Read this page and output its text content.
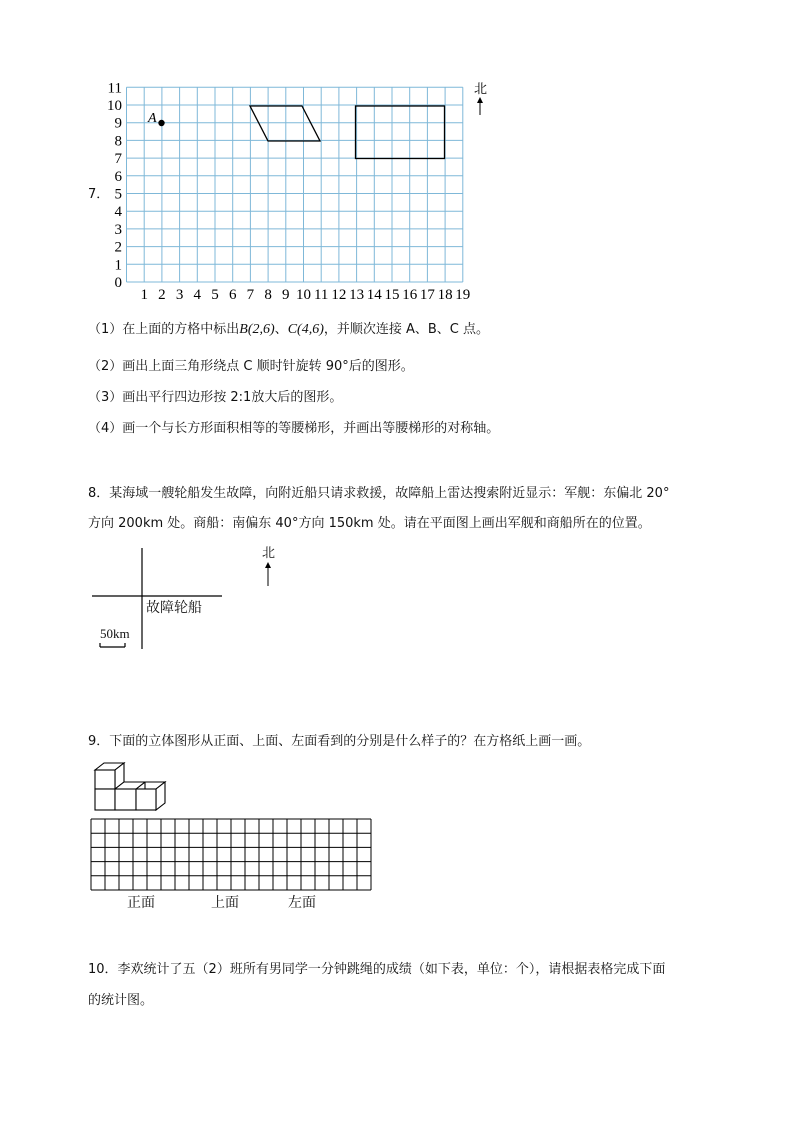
7．
A
北
0
1
2
3
4
5
6
7
8
9
10
11
1 2 3 4 5 6 7 8 9 10 11 12 13 14 15 16 17 18 19
（1）在上面的方格中标出B(2,6)、C(4,6)，并顺次连接 A、B、C 点。
（2）画出上面三角形绕点 C 顺时针旋转 90°后的图形。
（3）画出平行四边形按 2:1放大后的图形。
（4）画一个与长方形面积相等的等腰梯形，并画出等腰梯形的对称轴。
8．某海域一艘轮船发生故障，向附近船只请求救援，故障船上雷达搜索附近显示：军舰：东偏北 20°
方向 200km 处。商船：南偏东 40°方向 150km 处。请在平面图上画出军舰和商船所在的位置。
北
故障轮船
50km
9．下面的立体图形从正面、上面、左面看到的分别是什么样子的？在方格纸上画一画。
正面	上面	左面
10．李欢统计了五（2）班所有男同学一分钟跳绳的成绩（如下表，单位：个），请根据表格完成下面
的统计图。
